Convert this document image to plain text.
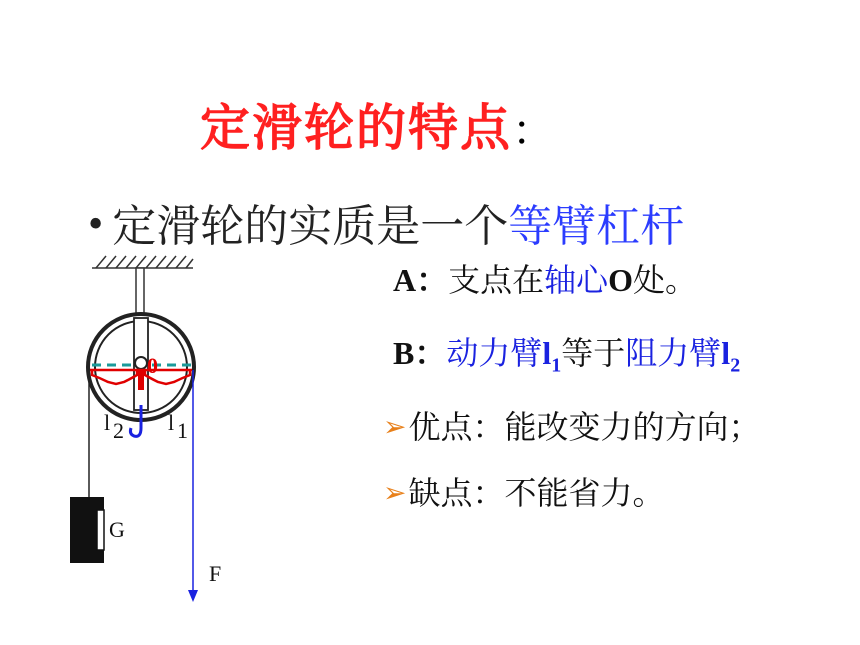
定滑轮的特点：
• 定滑轮的实质是一个等臂杠杆
A：支点在轴心O处。
B：动力臂$l_1$等于阻力臂$l_2$
➢优点：能改变力的方向；
➢缺点：不能省力。
0
l 2 l 1
G
F
